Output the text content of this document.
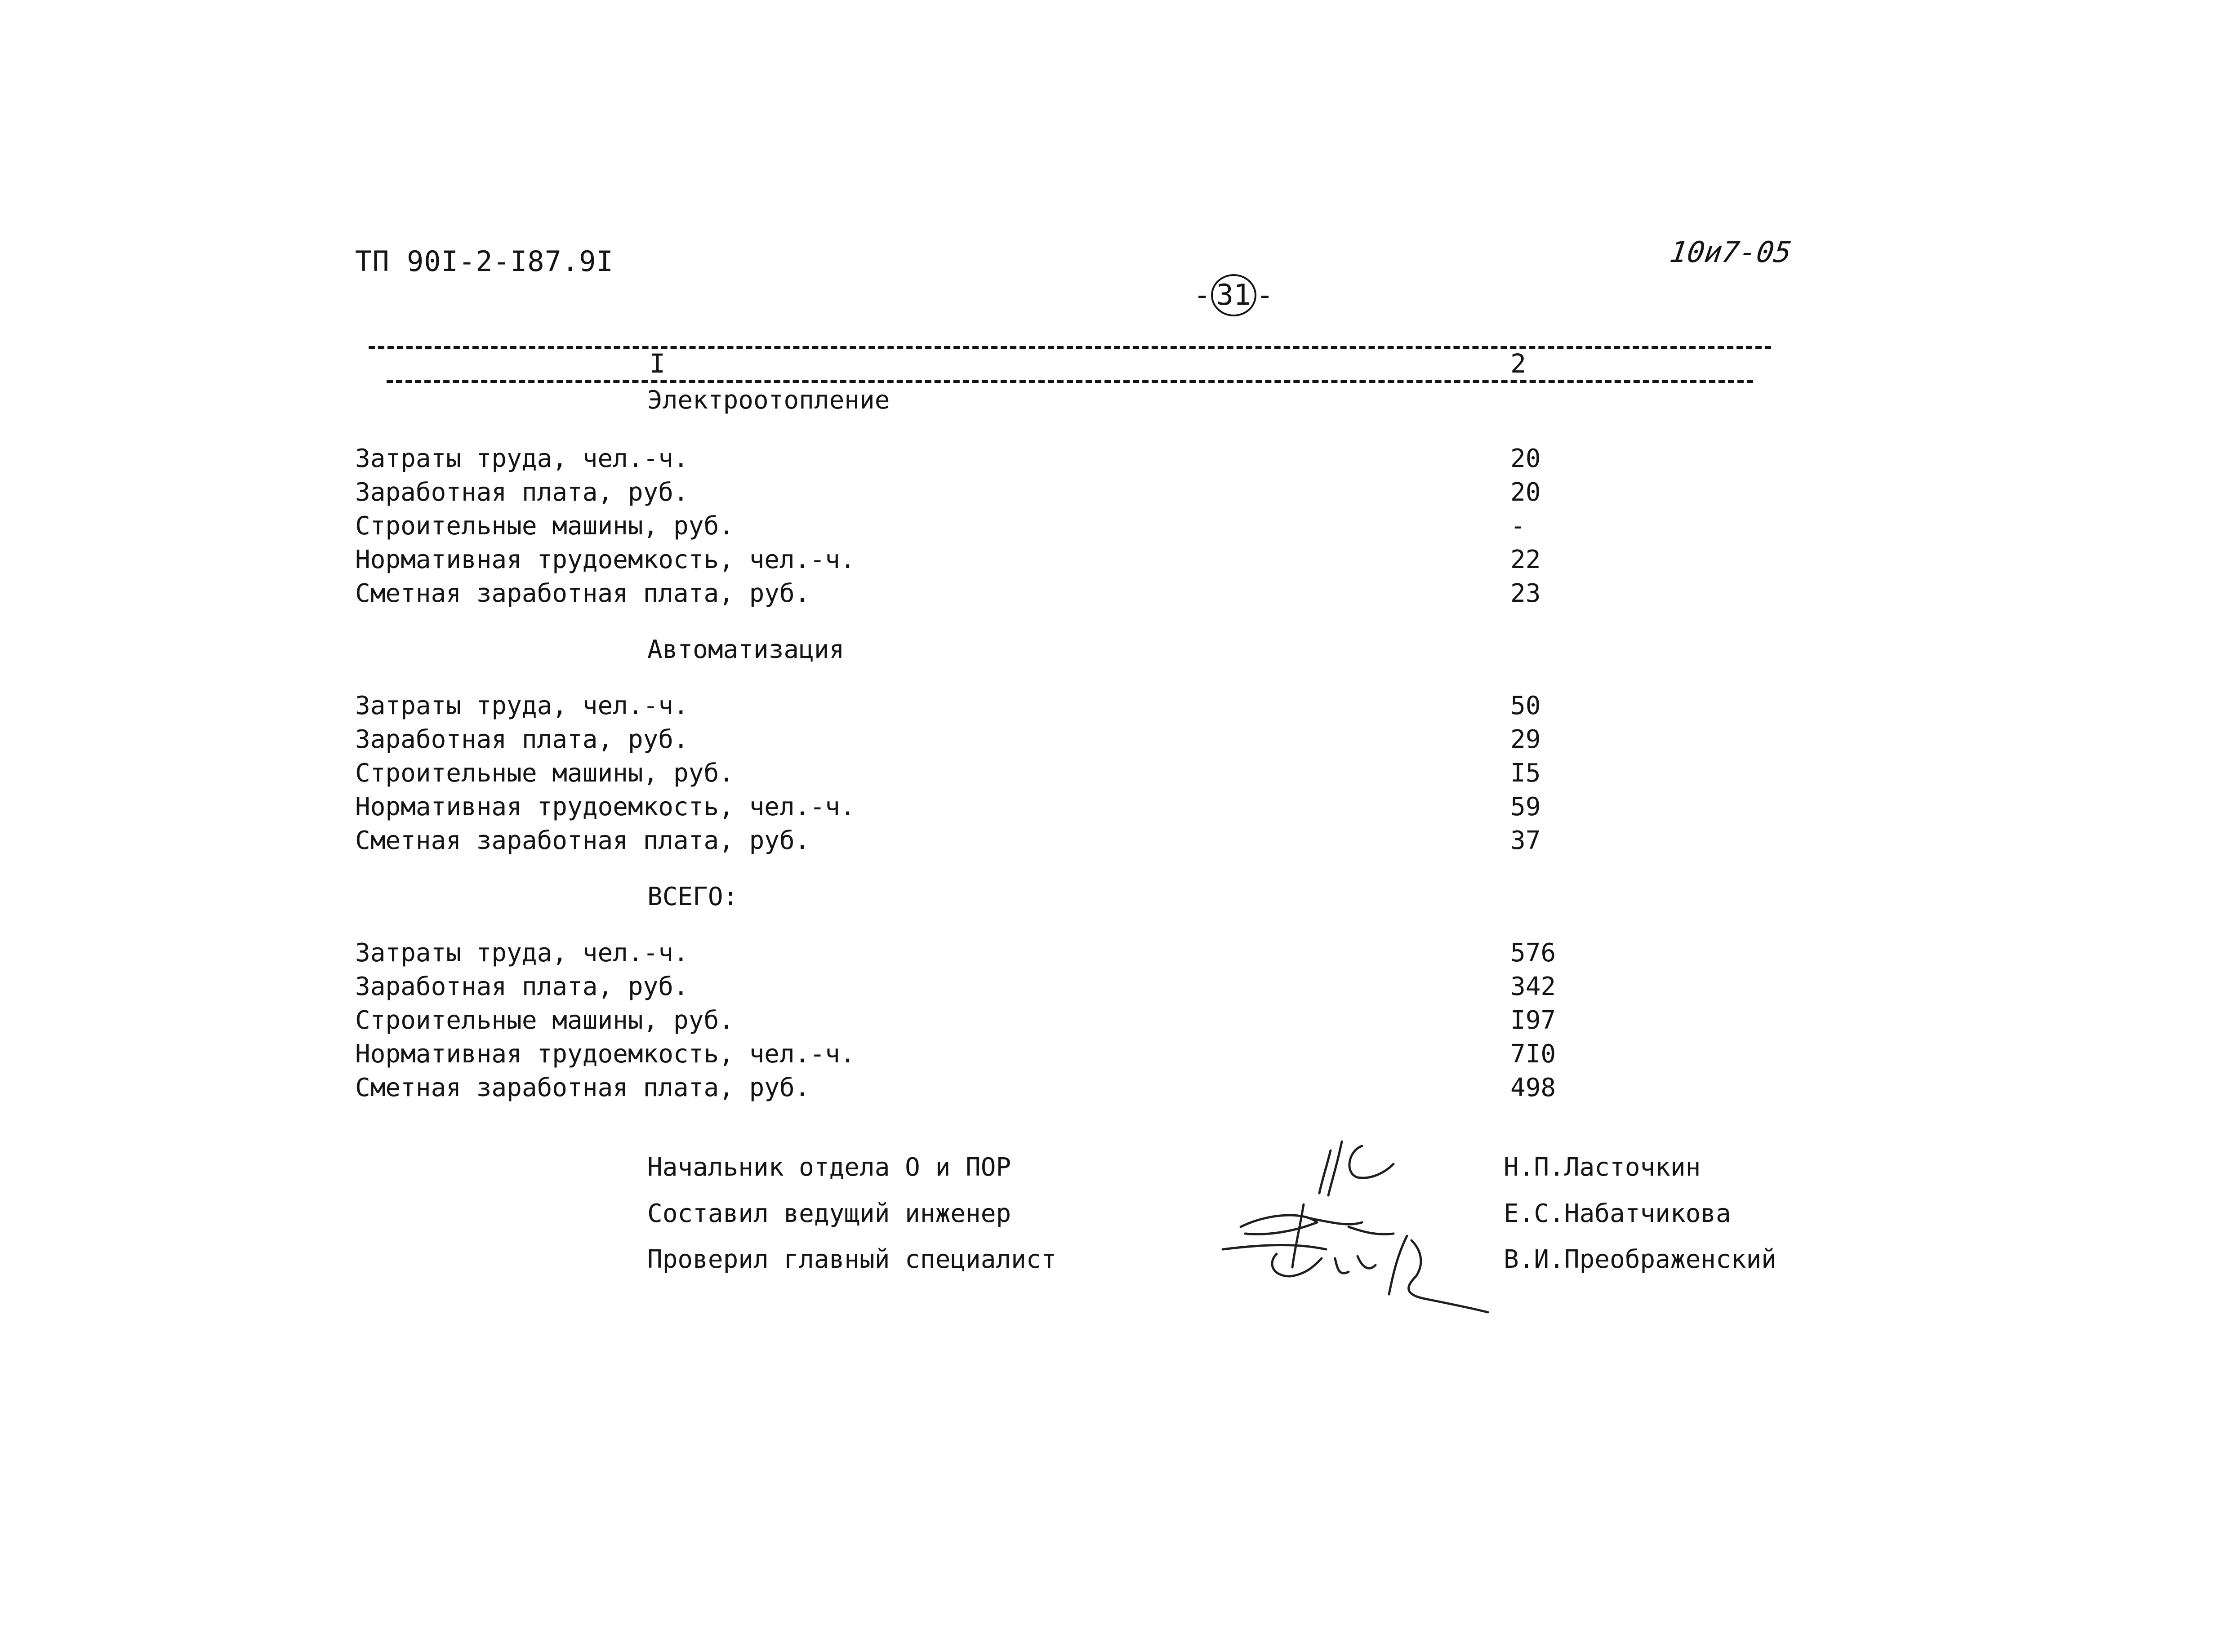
ТП 90I-2-I87.9I	10и7-05
- 31 -
I	2
Электроотопление
Затраты труда, чел.-ч.	20
Заработная плата, руб.	20
Строительные машины, руб.	-
Нормативная трудоемкость, чел.-ч.	22
Сметная заработная плата, руб.	23
Автоматизация
Затраты труда, чел.-ч.	50
Заработная плата, руб.	29
Строительные машины, руб.	I5
Нормативная трудоемкость, чел.-ч.	59
Сметная заработная плата, руб.	37
ВСЕГО:
Затраты труда, чел.-ч.	576
Заработная плата, руб.	342
Строительные машины, руб.	I97
Нормативная трудоемкость, чел.-ч.	7I0
Сметная заработная плата, руб.	498
Начальник отдела О и ПОР	Н.П.Ласточкин
Составил ведущий инженер	Е.С.Набатчикова
Проверил главный специалист	В.И.Преображенский
